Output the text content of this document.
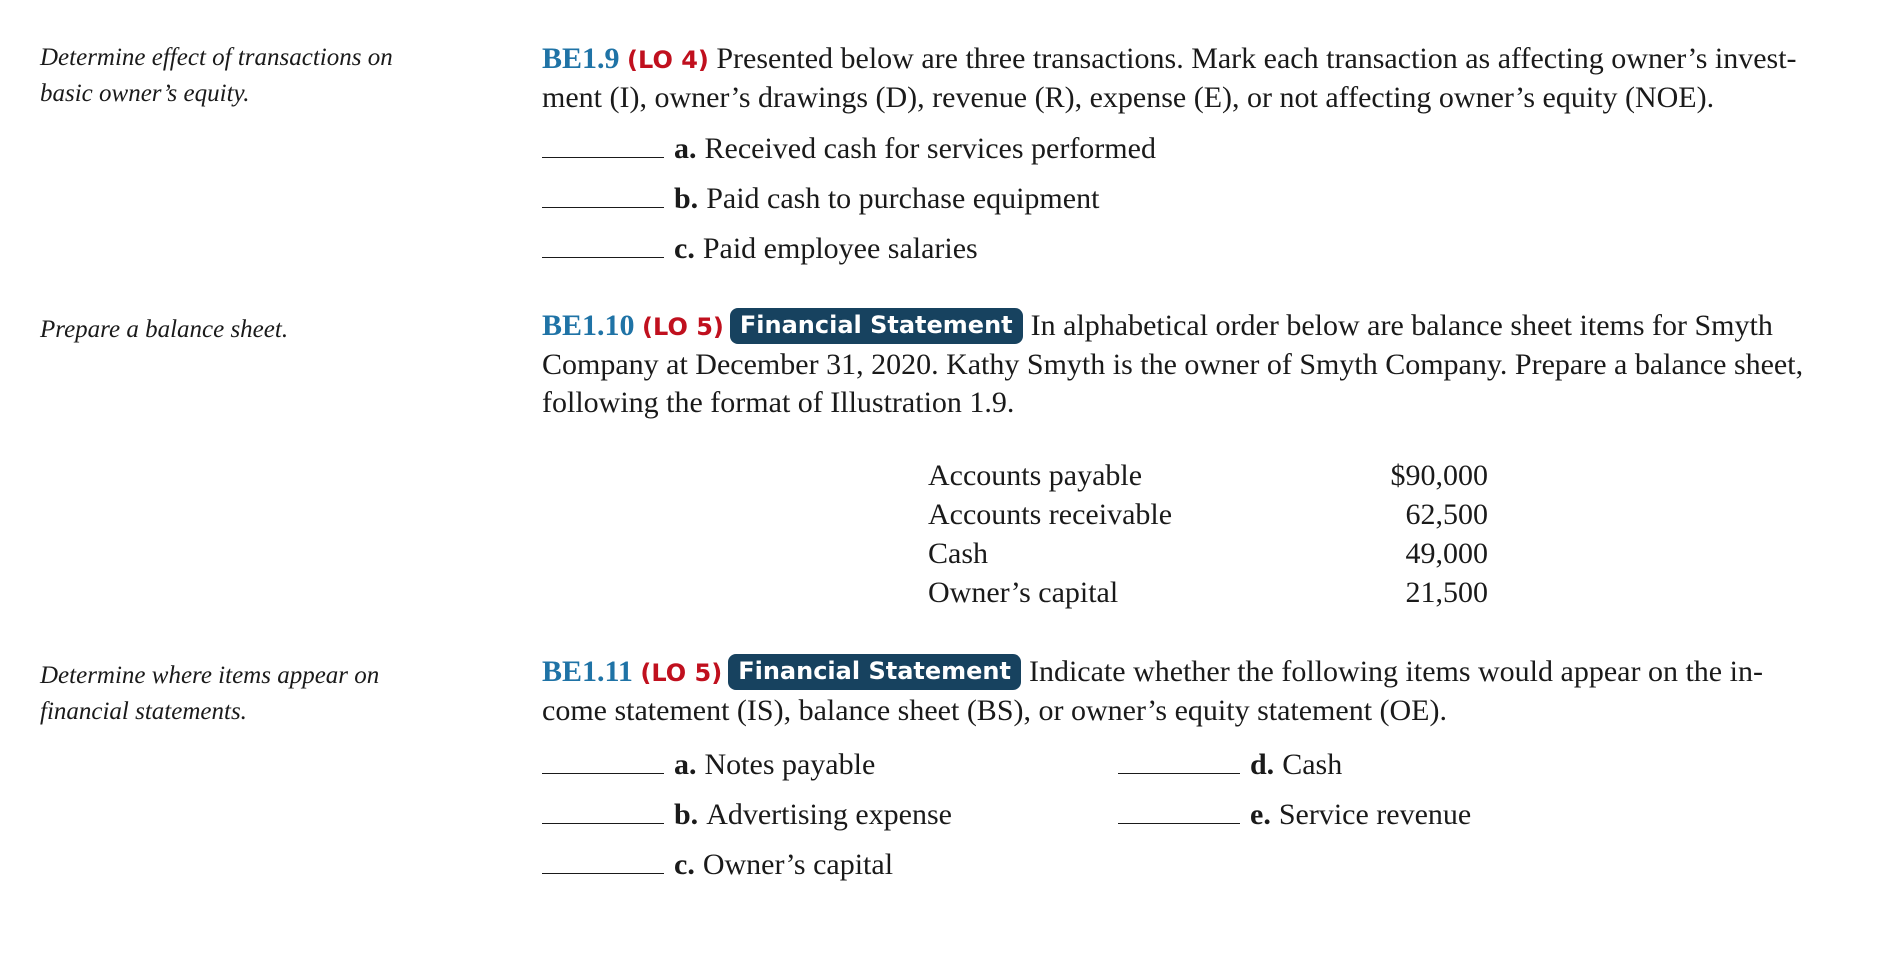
Determine effect of transactions on
basic owner’s equity.

BE1.9 (LO 4) Presented below are three transactions. Mark each transaction as affecting owner’s invest-
ment (I), owner’s drawings (D), revenue (R), expense (E), or not affecting owner’s equity (NOE).

a. Received cash for services performed
b. Paid cash to purchase equipment
c. Paid employee salaries
Prepare a balance sheet.	BE1.10 (LO 5) Financial Statement In alphabetical order below are balance sheet items for Smyth
Company at December 31, 2020. Kathy Smyth is the owner of Smyth Company. Prepare a balance sheet,
following the format of Illustration 1.9.

Accounts payable	$90,000
Accounts receivable	62,500
Cash	49,000
Owner’s capital	21,500
Determine where items appear on
financial statements.

BE1.11 (LO 5) Financial Statement Indicate whether the following items would appear on the in-
come statement (IS), balance sheet (BS), or owner’s equity statement (OE).

a. Notes payable
b. Advertising expense
c. Owner’s capital
d. Cash
e. Service revenue
